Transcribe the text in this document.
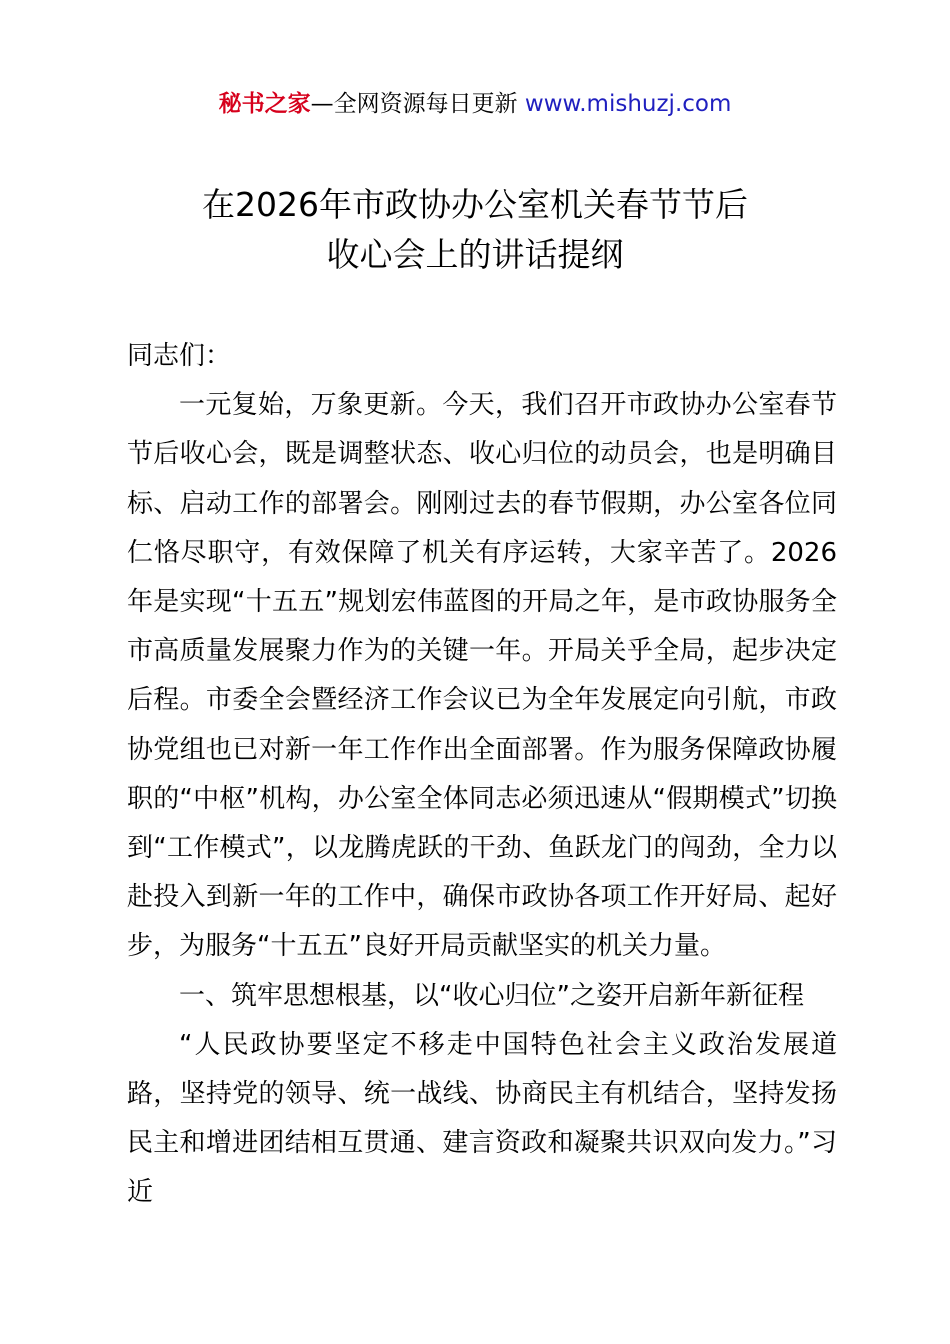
秘书之家—全网资源每日更新 www.mishuzj.com
在2026年市政协办公室机关春节节后
收心会上的讲话提纲

同志们：

一元复始，万象更新。今天，我们召开市政协办公室春节节后收心会，既是调整状态、收心归位的动员会，也是明确目标、启动工作的部署会。刚刚过去的春节假期，办公室各位同仁恪尽职守，有效保障了机关有序运转，大家辛苦了。2026年是实现“十五五”规划宏伟蓝图的开局之年，是市政协服务全市高质量发展聚力作为的关键一年。开局关乎全局，起步决定后程。市委全会暨经济工作会议已为全年发展定向引航，市政协党组也已对新一年工作作出全面部署。作为服务保障政协履职的“中枢”机构，办公室全体同志必须迅速从“假期模式”切换到“工作模式”，以龙腾虎跃的干劲、鱼跃龙门的闯劲，全力以赴投入到新一年的工作中，确保市政协各项工作开好局、起好步，为服务“十五五”良好开局贡献坚实的机关力量。

一、筑牢思想根基，以“收心归位”之姿开启新年新征程

“人民政协要坚定不移走中国特色社会主义政治发展道路，坚持党的领导、统一战线、协商民主有机结合，坚持发扬民主和增进团结相互贯通、建言资政和凝聚共识双向发力。”习近
